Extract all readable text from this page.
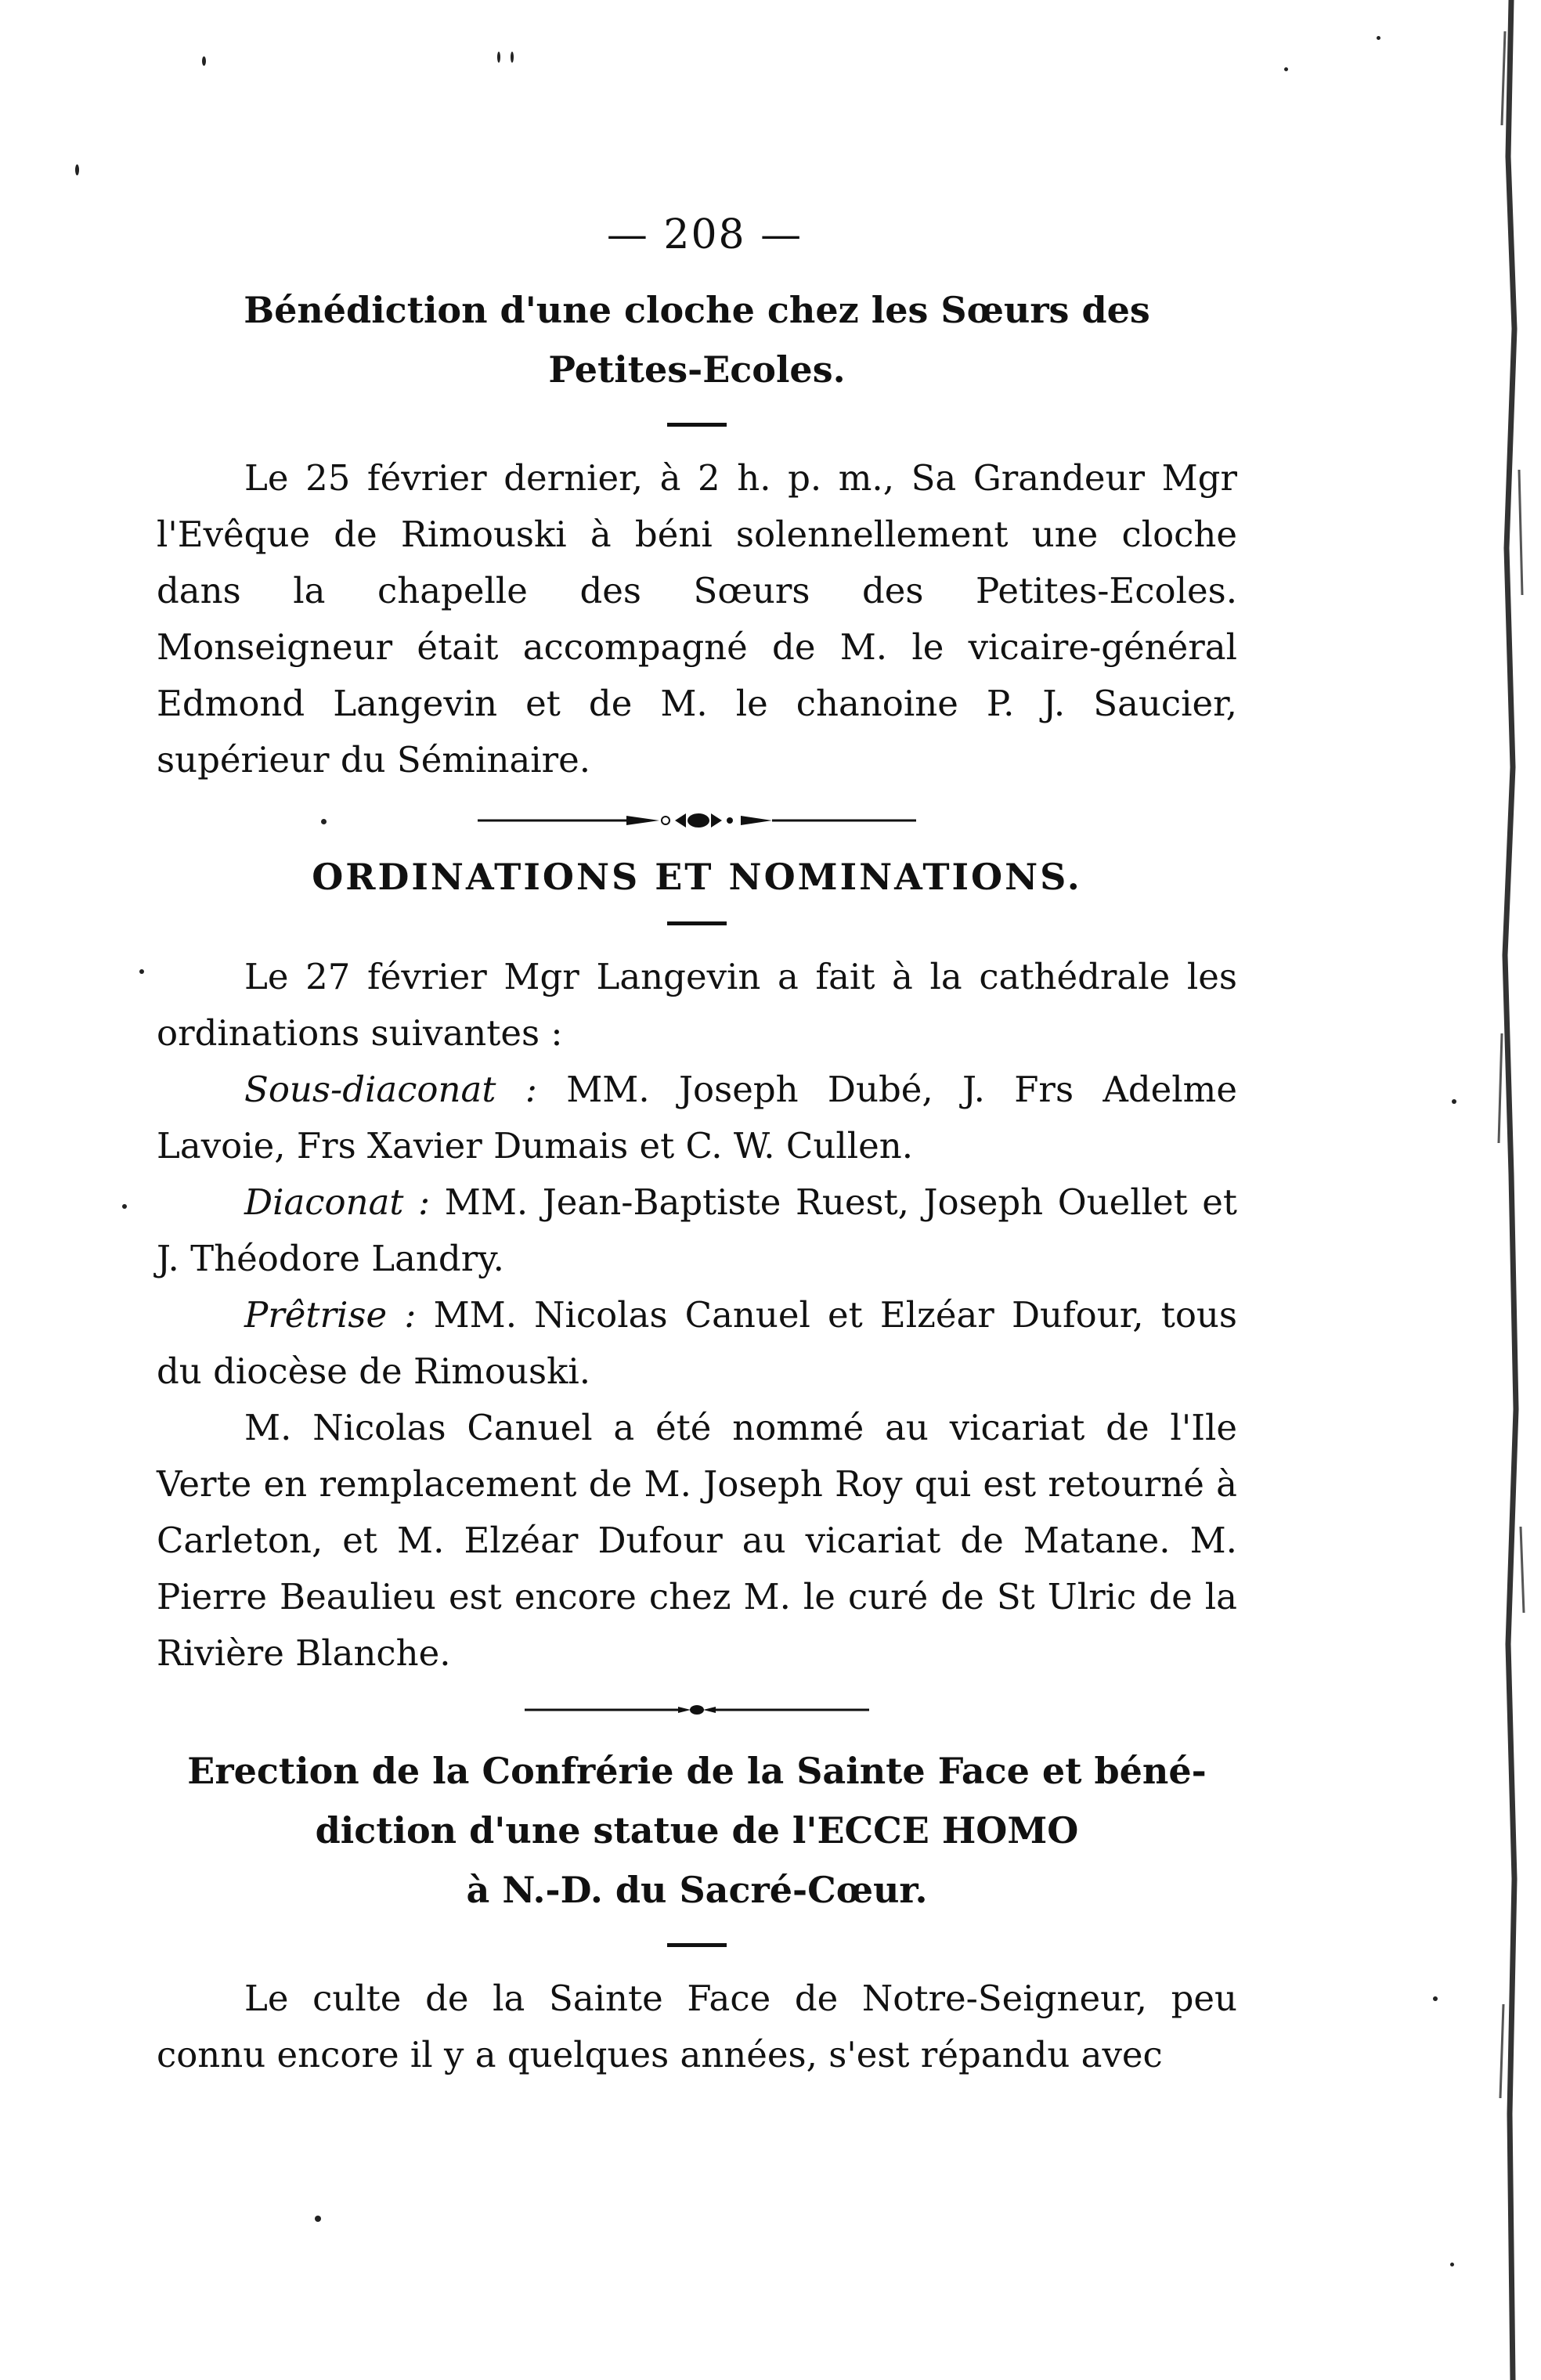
— 208 —

Bénédiction d'une cloche chez les Sœurs des

Petites-Ecoles.

Le 25 février dernier, à 2 h. p. m., Sa Grandeur Mgr l'Evêque de Rimouski à béni solennellement une cloche dans la chapelle des Sœurs des Petites-Ecoles. Monseigneur était accompagné de M. le vicaire-général Edmond Langevin et de M. le chanoine P. J. Saucier, supérieur du Séminaire.

ORDINATIONS ET NOMINATIONS.

Le 27 février Mgr Langevin a fait à la cathédrale les ordinations suivantes :

Sous-diaconat : MM. Joseph Dubé, J. Frs Adelme Lavoie, Frs Xavier Dumais et C. W. Cullen.

Diaconat : MM. Jean-Baptiste Ruest, Joseph Ouellet et J. Théodore Landry.

Prêtrise : MM. Nicolas Canuel et Elzéar Dufour, tous du diocèse de Rimouski.

M. Nicolas Canuel a été nommé au vicariat de l'Ile Verte en remplacement de M. Joseph Roy qui est retourné à Carleton, et M. Elzéar Dufour au vicariat de Matane. M. Pierre Beaulieu est encore chez M. le curé de St Ulric de la Rivière Blanche.

Erection de la Confrérie de la Sainte Face et béné-

diction d'une statue de l'ECCE HOMO

à N.-D. du Sacré-Cœur.

Le culte de la Sainte Face de Notre-Seigneur, peu connu encore il y a quelques années, s'est répandu avec
